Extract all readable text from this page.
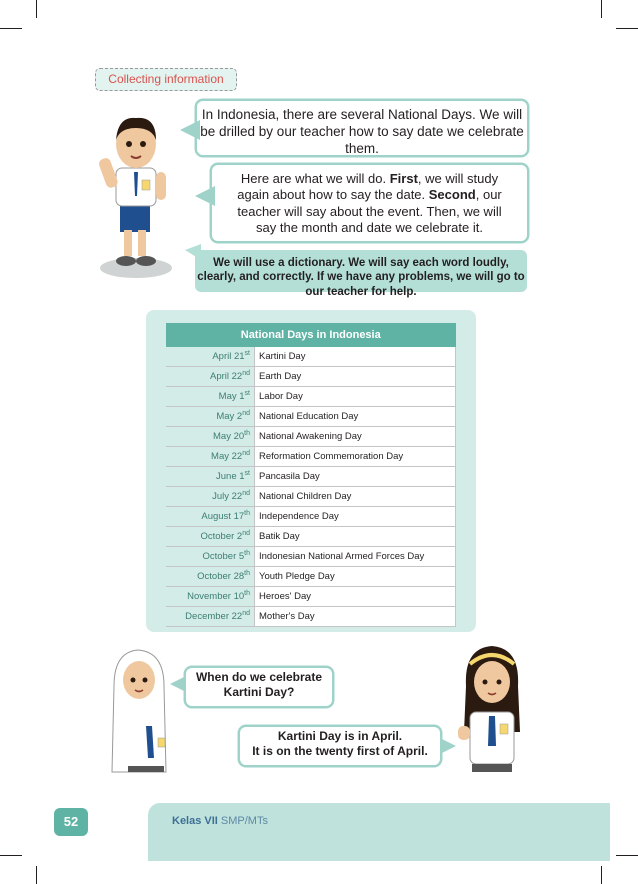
Collecting information
In Indonesia, there are several National Days. We will be drilled by our teacher how to say date we celebrate them.
Here are what we will do. First, we will study again about how to say the date. Second, our teacher will say about the event. Then, we will say the month and date we celebrate it.
We will use a dictionary. We will say each word loudly, clearly, and correctly. If we have any problems, we will go to our teacher for help.
National Days in Indonesia	
April 21st	Kartini Day
April 22nd	Earth Day
May 1st	Labor Day
May 2nd	National Education Day
May 20th	National Awakening Day
May 22nd	Reformation Commemoration Day
June 1st	Pancasila Day
July 22nd	National Children Day
August 17th	Independence Day
October 2nd	Batik Day
October 5th	Indonesian National Armed Forces Day
October 28th	Youth Pledge Day
November 10th	Heroes' Day
December 22nd	Mother's Day
When do we celebrate
Kartini Day?
Kartini Day is in April.
It is on the twenty first of April.
52	Kelas VII SMP/MTs
